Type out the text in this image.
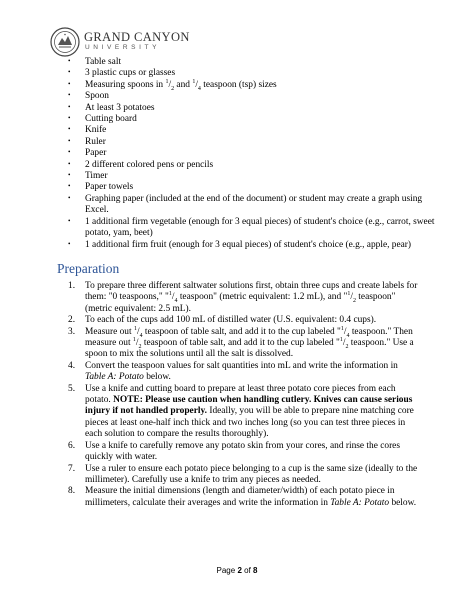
GRAND CANYON
UNIVERSITY
• Table salt
• 3 plastic cups or glasses
• Measuring spoons in $^1/_2$ and $^1/_4$ teaspoon (tsp) sizes
• Spoon
• At least 3 potatoes
• Cutting board
• Knife
• Ruler
• Paper
• 2 different colored pens or pencils
• Timer
• Paper towels
• Graphing paper (included at the end of the document) or student may create a graph using Excel.
• 1 additional firm vegetable (enough for 3 equal pieces) of student's choice (e.g., carrot, sweet potato, yam, beet)
• 1 additional firm fruit (enough for 3 equal pieces) of student's choice (e.g., apple, pear)
Preparation
1. To prepare three different saltwater solutions first, obtain three cups and create labels for them: "0 teaspoons," "$^1/_4$ teaspoon" (metric equivalent: 1.2 mL), and "$^1/_2$ teaspoon" (metric equivalent: 2.5 mL).
2. To each of the cups add 100 mL of distilled water (U.S. equivalent: 0.4 cups).
3. Measure out $^1/_4$ teaspoon of table salt, and add it to the cup labeled "$^1/_4$ teaspoon." Then measure out $^1/_2$ teaspoon of table salt, and add it to the cup labeled "$^1/_2$ teaspoon." Use a spoon to mix the solutions until all the salt is dissolved.
4. Convert the teaspoon values for salt quantities into mL and write the information in Table A: Potato below.
5. Use a knife and cutting board to prepare at least three potato core pieces from each potato. NOTE: Please use caution when handling cutlery. Knives can cause serious injury if not handled properly. Ideally, you will be able to prepare nine matching core pieces at least one-half inch thick and two inches long (so you can test three pieces in each solution to compare the results thoroughly).
6. Use a knife to carefully remove any potato skin from your cores, and rinse the cores quickly with water.
7. Use a ruler to ensure each potato piece belonging to a cup is the same size (ideally to the millimeter). Carefully use a knife to trim any pieces as needed.
8. Measure the initial dimensions (length and diameter/width) of each potato piece in millimeters, calculate their averages and write the information in Table A: Potato below.
Page 2 of 8
